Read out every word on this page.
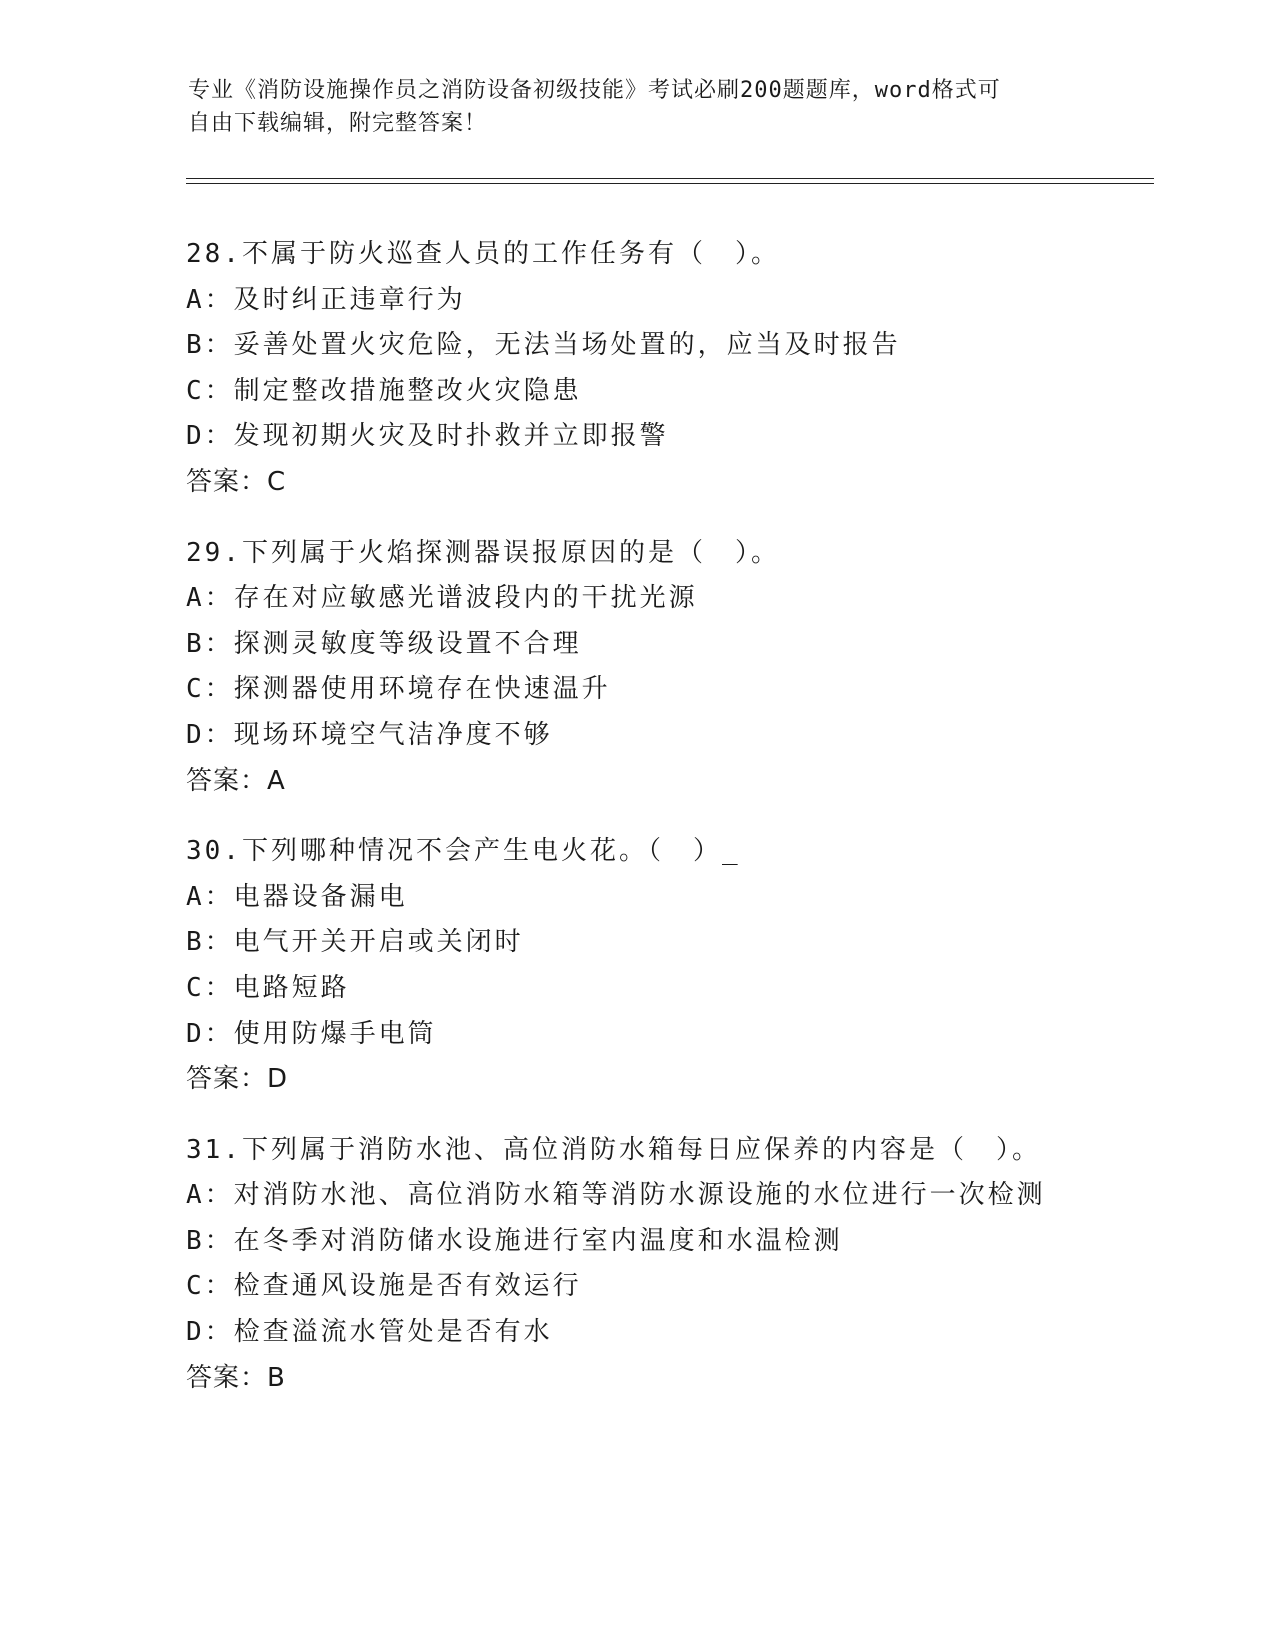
专业《消防设施操作员之消防设备初级技能》考试必刷200题题库，word格式可
自由下载编辑，附完整答案！
28.不属于防火巡查人员的工作任务有（　）。
A：及时纠正违章行为
B：妥善处置火灾危险，无法当场处置的，应当及时报告
C：制定整改措施整改火灾隐患
D：发现初期火灾及时扑救并立即报警
答案：C
29.下列属于火焰探测器误报原因的是（　）。
A：存在对应敏感光谱波段内的干扰光源
B：探测灵敏度等级设置不合理
C：探测器使用环境存在快速温升
D：现场环境空气洁净度不够
答案：A
30.下列哪种情况不会产生电火花。（　）_
A：电器设备漏电
B：电气开关开启或关闭时
C：电路短路
D：使用防爆手电筒
答案：D
31.下列属于消防水池、高位消防水箱每日应保养的内容是（　）。
A：对消防水池、高位消防水箱等消防水源设施的水位进行一次检测
B：在冬季对消防储水设施进行室内温度和水温检测
C：检查通风设施是否有效运行
D：检查溢流水管处是否有水
答案：B
